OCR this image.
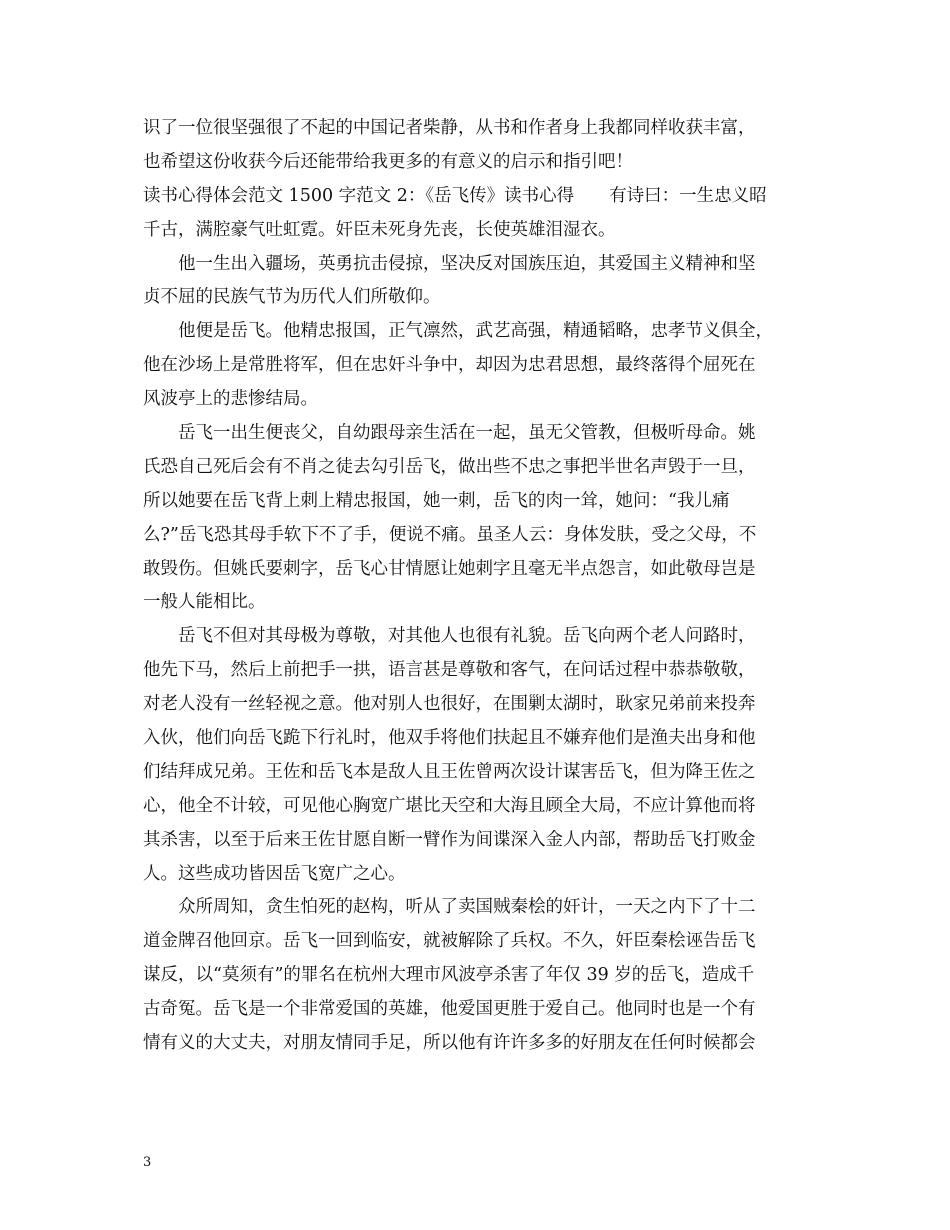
识了一位很坚强很了不起的中国记者柴静，从书和作者身上我都同样收获丰富，
也希望这份收获今后还能带给我更多的有意义的启示和指引吧！
读书心得体会范文 1500 字范文 2：《岳飞传》读书心得　　有诗曰：一生忠义昭
千古，满腔豪气吐虹霓。奸臣未死身先丧，长使英雄泪湿衣。
他一生出入疆场，英勇抗击侵掠，坚决反对国族压迫，其爱国主义精神和坚
贞不屈的民族气节为历代人们所敬仰。
他便是岳飞。他精忠报国，正气凛然，武艺高强，精通韬略，忠孝节义俱全，
他在沙场上是常胜将军，但在忠奸斗争中，却因为忠君思想，最终落得个屈死在
风波亭上的悲惨结局。
岳飞一出生便丧父，自幼跟母亲生活在一起，虽无父管教，但极听母命。姚
氏恐自己死后会有不肖之徒去勾引岳飞，做出些不忠之事把半世名声毁于一旦，
所以她要在岳飞背上刺上精忠报国，她一刺，岳飞的肉一耸，她问：“我儿痛
么?”岳飞恐其母手软下不了手，便说不痛。虽圣人云：身体发肤，受之父母，不
敢毁伤。但姚氏要刺字，岳飞心甘情愿让她刺字且毫无半点怨言，如此敬母岂是
一般人能相比。
岳飞不但对其母极为尊敬，对其他人也很有礼貌。岳飞向两个老人问路时，
他先下马，然后上前把手一拱，语言甚是尊敬和客气，在问话过程中恭恭敬敬，
对老人没有一丝轻视之意。他对别人也很好，在围剿太湖时，耿家兄弟前来投奔
入伙，他们向岳飞跪下行礼时，他双手将他们扶起且不嫌弃他们是渔夫出身和他
们结拜成兄弟。王佐和岳飞本是敌人且王佐曾两次设计谋害岳飞，但为降王佐之
心，他全不计较，可见他心胸宽广堪比天空和大海且顾全大局，不应计算他而将
其杀害，以至于后来王佐甘愿自断一臂作为间谍深入金人内部，帮助岳飞打败金
人。这些成功皆因岳飞宽广之心。
众所周知，贪生怕死的赵构，听从了卖国贼秦桧的奸计，一天之内下了十二
道金牌召他回京。岳飞一回到临安，就被解除了兵权。不久，奸臣秦桧诬告岳飞
谋反，以“莫须有”的罪名在杭州大理市风波亭杀害了年仅 39 岁的岳飞，造成千
古奇冤。岳飞是一个非常爱国的英雄，他爱国更胜于爱自己。他同时也是一个有
情有义的大丈夫，对朋友情同手足，所以他有许许多多的好朋友在任何时候都会
3
